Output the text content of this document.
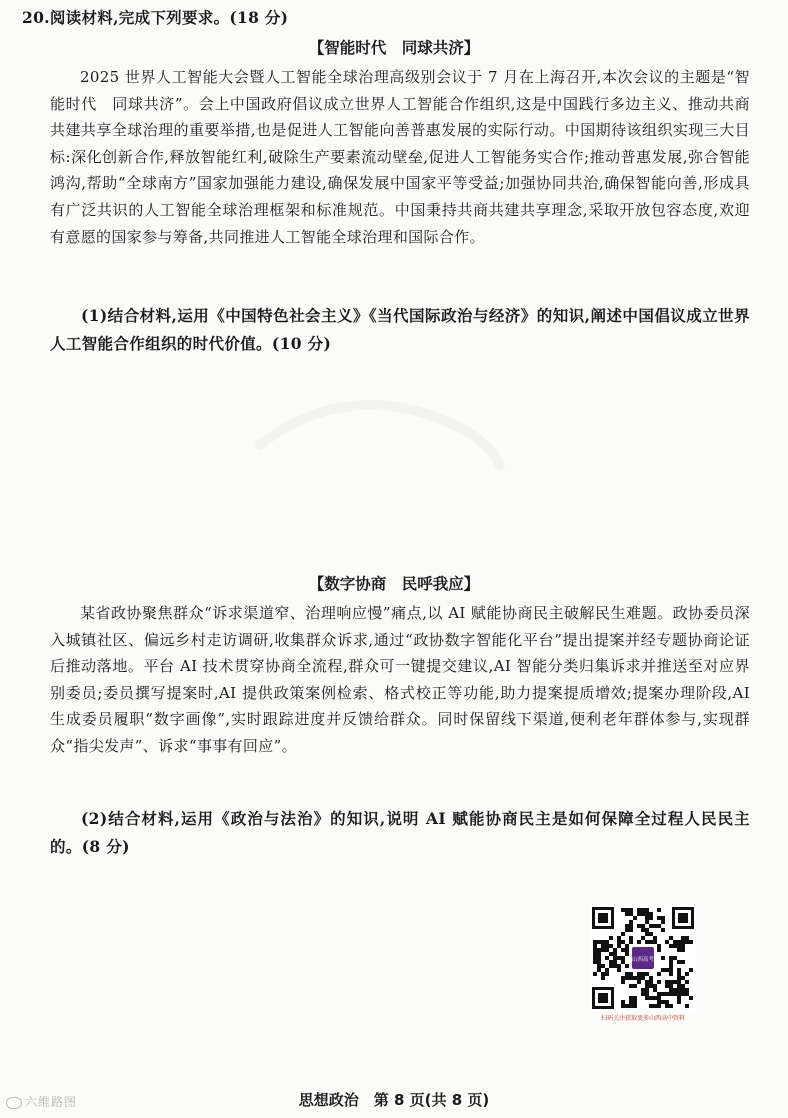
20.阅读材料,完成下列要求。(18 分)
【智能时代　同球共济】
2025 世界人工智能大会暨人工智能全球治理高级别会议于 7 月在上海召开,本次会议的主题是“智能时代　同球共济”。会上中国政府倡议成立世界人工智能合作组织,这是中国践行多边主义、推动共商共建共享全球治理的重要举措,也是促进人工智能向善普惠发展的实际行动。中国期待该组织实现三大目标:深化创新合作,释放智能红利,破除生产要素流动壁垒,促进人工智能务实合作;推动普惠发展,弥合智能鸿沟,帮助“全球南方”国家加强能力建设,确保发展中国家平等受益;加强协同共治,确保智能向善,形成具有广泛共识的人工智能全球治理框架和标准规范。中国秉持共商共建共享理念,采取开放包容态度,欢迎有意愿的国家参与筹备,共同推进人工智能全球治理和国际合作。
(1)结合材料,运用《中国特色社会主义》《当代国际政治与经济》的知识,阐述中国倡议成立世界人工智能合作组织的时代价值。(10 分)
【数字协商　民呼我应】
某省政协聚焦群众“诉求渠道窄、治理响应慢”痛点,以 AI 赋能协商民主破解民生难题。政协委员深入城镇社区、偏远乡村走访调研,收集群众诉求,通过“政协数字智能化平台”提出提案并经专题协商论证后推动落地。平台 AI 技术贯穿协商全流程,群众可一键提交建议,AI 智能分类归集诉求并推送至对应界别委员;委员撰写提案时,AI 提供政策案例检索、格式校正等功能,助力提案提质增效;提案办理阶段,AI 生成委员履职“数字画像”,实时跟踪进度并反馈给群众。同时保留线下渠道,便利老年群体参与,实现群众“指尖发声”、诉求“事事有回应”。
(2)结合材料,运用《政治与法治》的知识,说明 AI 赋能协商民主是如何保障全过程人民民主的。(8 分)
山西高考
扫码关注获取更多山西高中资料
六维路图	思想政治　第 8 页(共 8 页)
